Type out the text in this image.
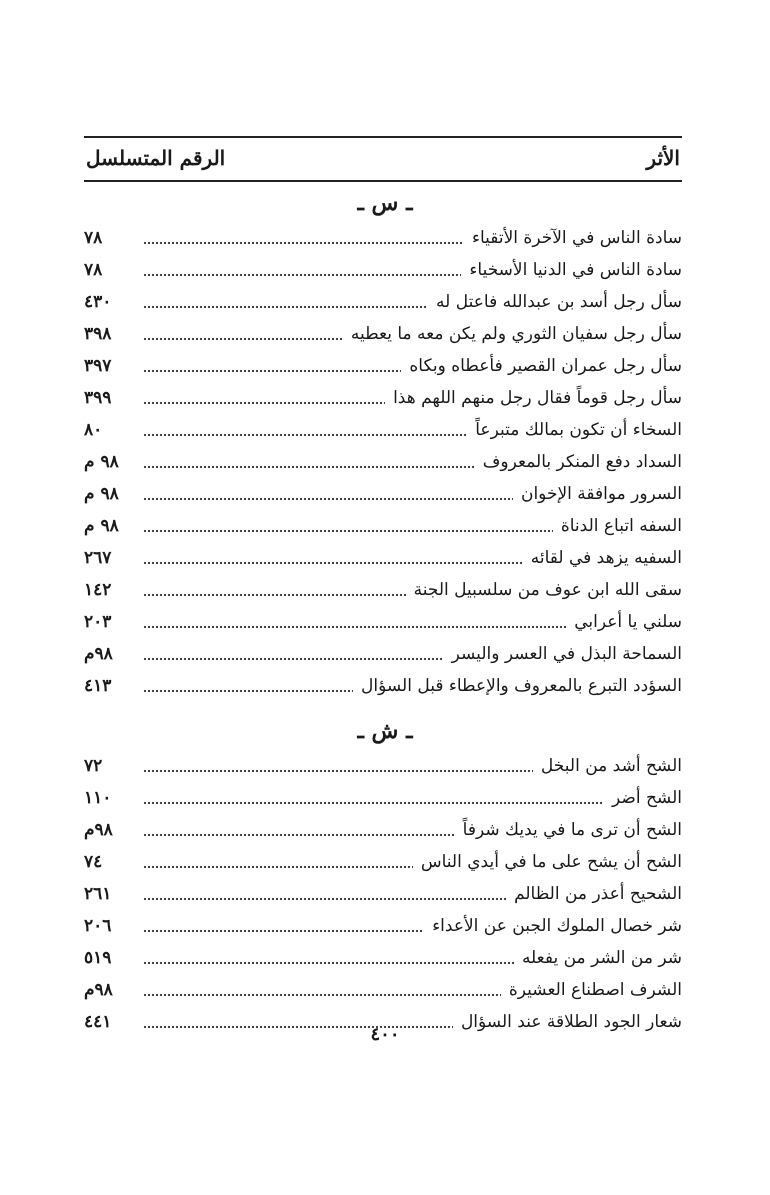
الأثر
الرقم المتسلسل
ـ س ـ
سادة الناس في الآخرة الأتقياء
٧٨
سادة الناس في الدنيا الأسخياء
٧٨
سأل رجل أسد بن عبدالله فاعتل له
٤٣٠
سأل رجل سفيان الثوري ولم يكن معه ما يعطيه
٣٩٨
سأل رجل عمران القصير فأعطاه وبكاه
٣٩٧
سأل رجل قوماً فقال رجل منهم اللهم هذا
٣٩٩
السخاء أن تكون بمالك متبرعاً
٨٠
السداد دفع المنكر بالمعروف
٩٨ م
السرور موافقة الإخوان
٩٨ م
السفه اتباع الدناة
٩٨ م
السفيه يزهد في لقائه
٢٦٧
سقى الله ابن عوف من سلسبيل الجنة
١٤٢
سلني يا أعرابي
٢٠٣
السماحة البذل في العسر واليسر
٩٨م
السؤدد التبرع بالمعروف والإعطاء قبل السؤال
٤١٣
ـ ش ـ
الشح أشد من البخل
٧٢
الشح أضر
١١٠
الشح أن ترى ما في يديك شرفاً
٩٨م
الشح أن يشح على ما في أيدي الناس
٧٤
الشحيح أعذر من الظالم
٢٦١
شر خصال الملوك الجبن عن الأعداء
٢٠٦
شر من الشر من يفعله
٥١٩
الشرف اصطناع العشيرة
٩٨م
شعار الجود الطلاقة عند السؤال
٤٤١
٤٠٠
